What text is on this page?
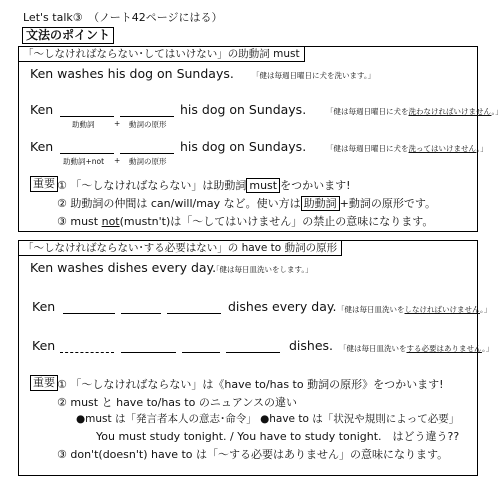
Let's talk③　（ノート42ページにはる）
文法のポイント
「～しなければならない･してはいけない」の助動詞 must
Ken washes his dog on Sundays. 「健は毎週日曜日に犬を洗います。」
Ken
助動詞	+ 動詞の原形
his dog on Sundays.	「健は毎週日曜日に犬を洗わなければいけません。」
Ken
助動詞+not + 動詞の原形
his dog on Sundays.	「健は毎週日曜日に犬を洗ってはいけません。」
重要 ① 「～しなければならない」は助動詞 must をつかいます!
② 助動詞の仲間は can/will/may など。使い方は 助動詞 +動詞の原形です。
③ must not(mustn't)は「～してはいけません」の禁止の意味になります。
「～しなければならない･する必要はない」の have to 動詞の原形
Ken washes dishes every day.
「健は毎日皿洗いをします。」
Ken	dishes every day. 「健は毎日皿洗いをしなければいけません。」
Ken	dishes. 「健は毎日皿洗いをする必要はありません。」
重要 ① 「～しなければならない」は《have to/has to 動詞の原形》をつかいます!
② must と have to/has to のニュアンスの違い
●must は「発言者本人の意志･命令」 ●have to は「状況や規則によって必要」
You must study tonight. / You have to study tonight.　はどう違う??
③ don't(doesn't) have to は「～する必要はありません」の意味になります。
